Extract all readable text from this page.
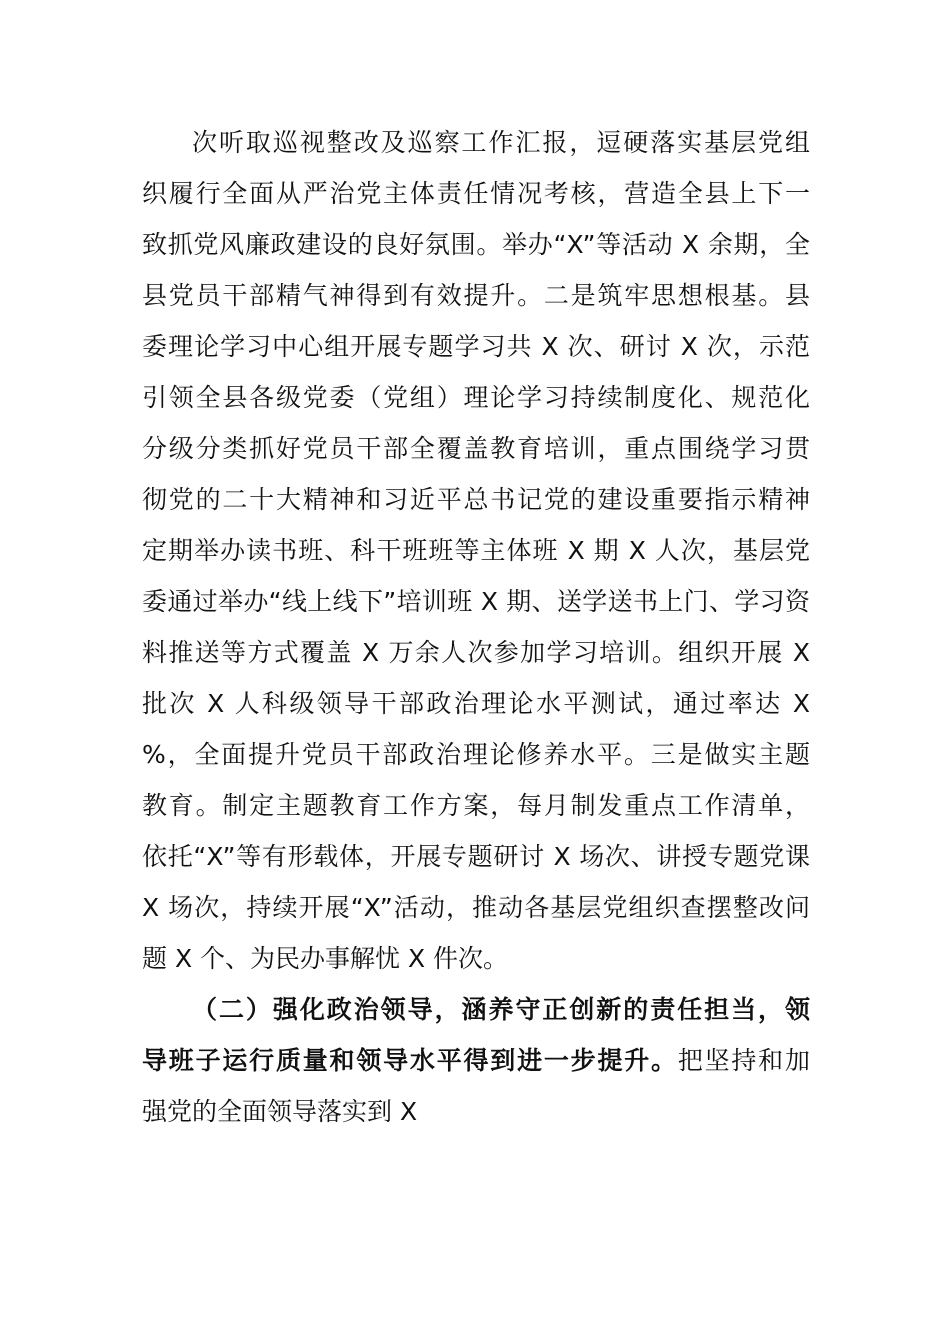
次听取巡视整改及巡察工作汇报，逗硬落实基层党组
织履行全面从严治党主体责任情况考核，营造全县上下一
致抓党风廉政建设的良好氛围。举办“X”等活动 X 余期，全
县党员干部精气神得到有效提升。二是筑牢思想根基。县
委理论学习中心组开展专题学习共 X 次、研讨 X 次，示范
引领全县各级党委（党组）理论学习持续制度化、规范化
分级分类抓好党员干部全覆盖教育培训，重点围绕学习贯
彻党的二十大精神和习近平总书记党的建设重要指示精神
定期举办读书班、科干班班等主体班 X 期 X 人次，基层党
委通过举办“线上线下”培训班 X 期、送学送书上门、学习资
料推送等方式覆盖 X 万余人次参加学习培训。组织开展 X
批次 X 人科级领导干部政治理论水平测试，通过率达 X
%，全面提升党员干部政治理论修养水平。三是做实主题
教育。制定主题教育工作方案，每月制发重点工作清单，
依托“X”等有形载体，开展专题研讨 X 场次、讲授专题党课
X 场次，持续开展“X”活动，推动各基层党组织查摆整改问
题 X 个、为民办事解忧 X 件次。
（二）强化政治领导，涵养守正创新的责任担当，领
导班子运行质量和领导水平得到进一步提升。把坚持和加
强党的全面领导落实到 X
